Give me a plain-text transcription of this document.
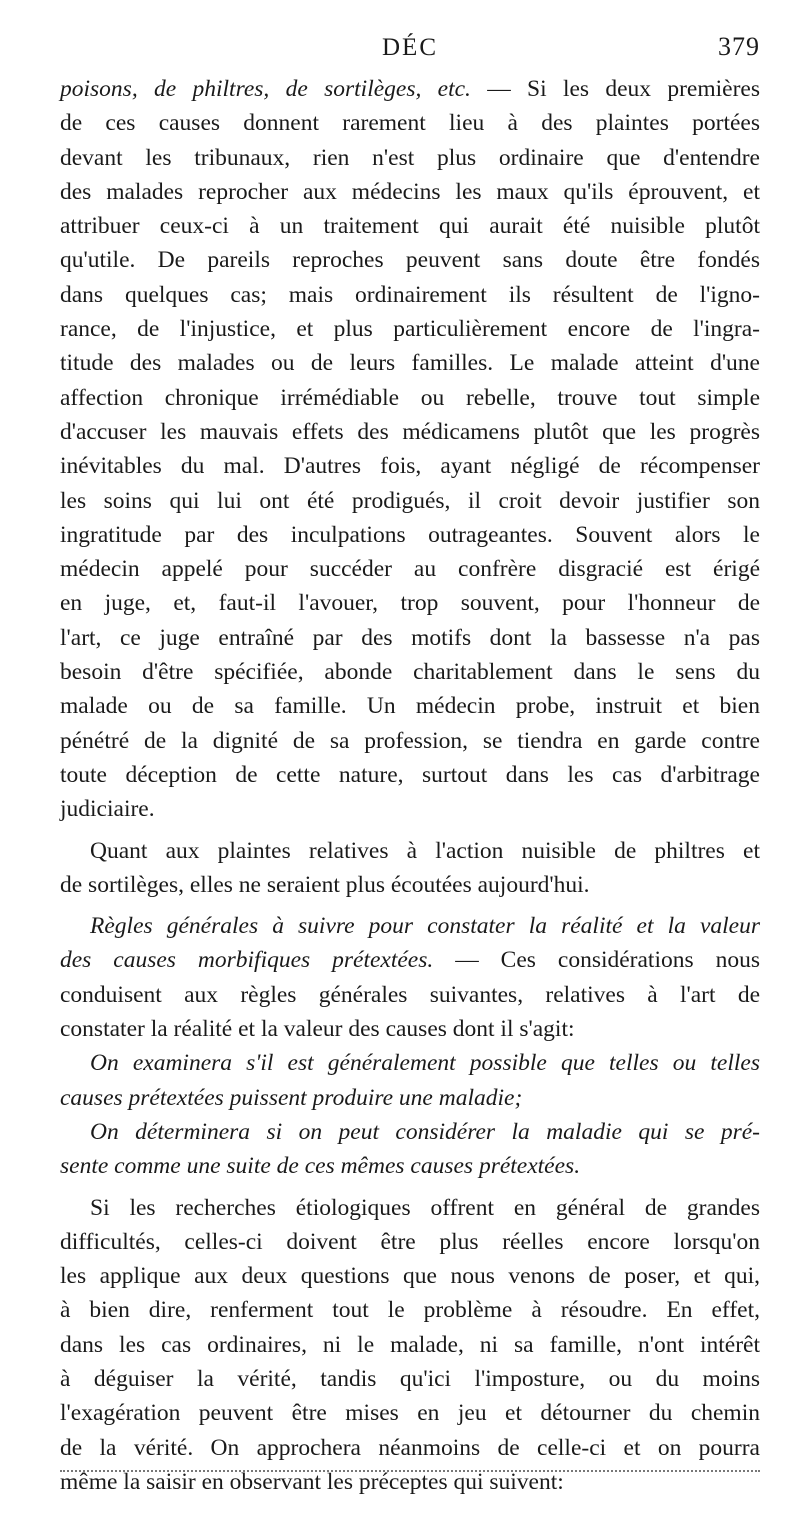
DÉC	379
poisons, de philtres, de sortilèges, etc. — Si les deux premières
de ces causes donnent rarement lieu à des plaintes portées
devant les tribunaux, rien n'est plus ordinaire que d'entendre
des malades reprocher aux médecins les maux qu'ils éprouvent, et
attribuer ceux-ci à un traitement qui aurait été nuisible plutôt
qu'utile. De pareils reproches peuvent sans doute être fondés
dans quelques cas; mais ordinairement ils résultent de l'igno-
rance, de l'injustice, et plus particulièrement encore de l'ingra-
titude des malades ou de leurs familles. Le malade atteint d'une
affection chronique irrémédiable ou rebelle, trouve tout simple
d'accuser les mauvais effets des médicamens plutôt que les progrès
inévitables du mal. D'autres fois, ayant négligé de récompenser
les soins qui lui ont été prodigués, il croit devoir justifier son
ingratitude par des inculpations outrageantes. Souvent alors le
médecin appelé pour succéder au confrère disgracié est érigé
en juge, et, faut-il l'avouer, trop souvent, pour l'honneur de
l'art, ce juge entraîné par des motifs dont la bassesse n'a pas
besoin d'être spécifiée, abonde charitablement dans le sens du
malade ou de sa famille. Un médecin probe, instruit et bien
pénétré de la dignité de sa profession, se tiendra en garde contre
toute déception de cette nature, surtout dans les cas d'arbitrage
judiciaire.
Quant aux plaintes relatives à l'action nuisible de philtres et
de sortilèges, elles ne seraient plus écoutées aujourd'hui.
Règles générales à suivre pour constater la réalité et la valeur
des causes morbifiques prétextées. — Ces considérations nous
conduisent aux règles générales suivantes, relatives à l'art de
constater la réalité et la valeur des causes dont il s'agit:
On examinera s'il est généralement possible que telles ou telles
causes prétextées puissent produire une maladie;
On déterminera si on peut considérer la maladie qui se pré-
sente comme une suite de ces mêmes causes prétextées.
Si les recherches étiologiques offrent en général de grandes
difficultés, celles-ci doivent être plus réelles encore lorsqu'on
les applique aux deux questions que nous venons de poser, et qui,
à bien dire, renferment tout le problème à résoudre. En effet,
dans les cas ordinaires, ni le malade, ni sa famille, n'ont intérêt
à déguiser la vérité, tandis qu'ici l'imposture, ou du moins
l'exagération peuvent être mises en jeu et détourner du chemin
de la vérité. On approchera néanmoins de celle-ci et on pourra
même la saisir en observant les préceptes qui suivent:
